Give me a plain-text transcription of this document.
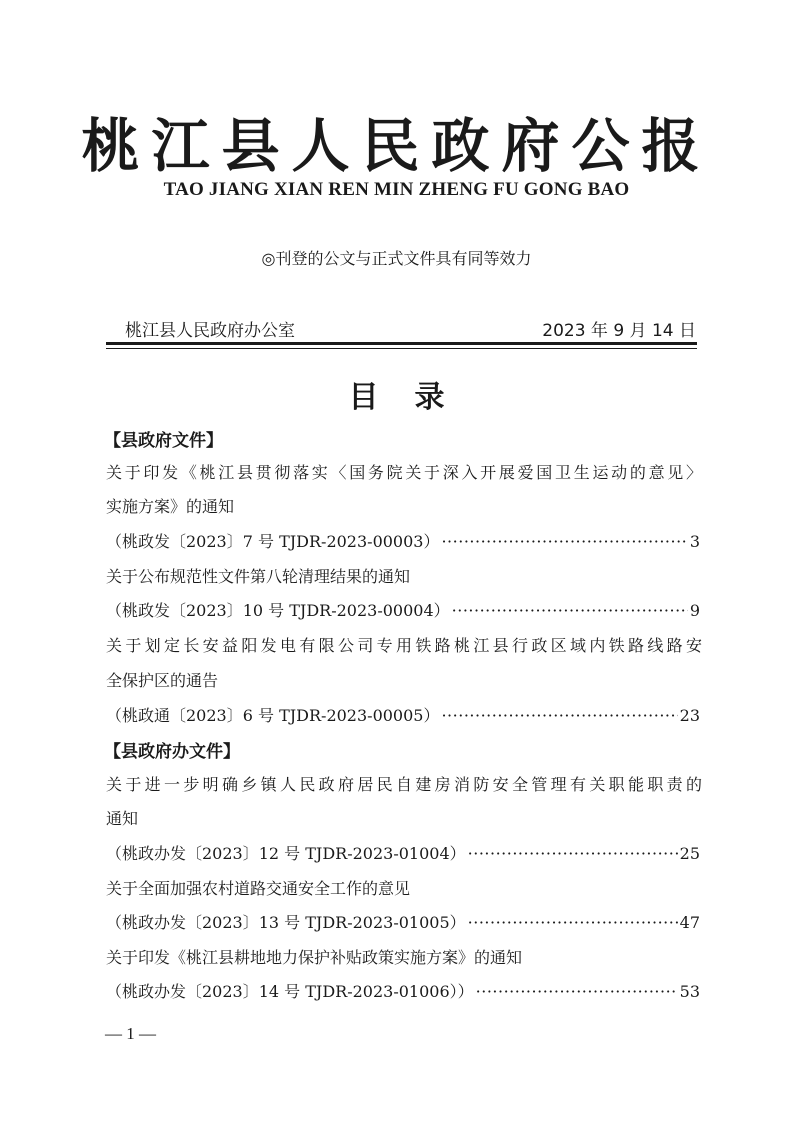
桃江县人民政府公报
TAO JIANG XIAN REN MIN ZHENG FU GONG BAO
◎刊登的公文与正式文件具有同等效力
桃江县人民政府办公室	2023 年 9 月 14 日
目录
【县政府文件】
关于印发《桃江县贯彻落实〈国务院关于深入开展爱国卫生运动的意见〉
实施方案》的通知
（桃政发〔2023〕7 号 TJDR-2023-00003） ·····	3
关于公布规范性文件第八轮清理结果的通知
（桃政发〔2023〕10 号 TJDR-2023-00004） ·····	9
关于划定长安益阳发电有限公司专用铁路桃江县行政区域内铁路线路安
全保护区的通告
（桃政通〔2023〕6 号 TJDR-2023-00005） ·····	23
【县政府办文件】
关于进一步明确乡镇人民政府居民自建房消防安全管理有关职能职责的
通知
（桃政办发〔2023〕12 号 TJDR-2023-01004） ·····	25
关于全面加强农村道路交通安全工作的意见
（桃政办发〔2023〕13 号 TJDR-2023-01005） ·····	47
关于印发《桃江县耕地地力保护补贴政策实施方案》的通知
（桃政办发〔2023〕14 号 TJDR-2023-01006）） ·····	53
— 1 —
